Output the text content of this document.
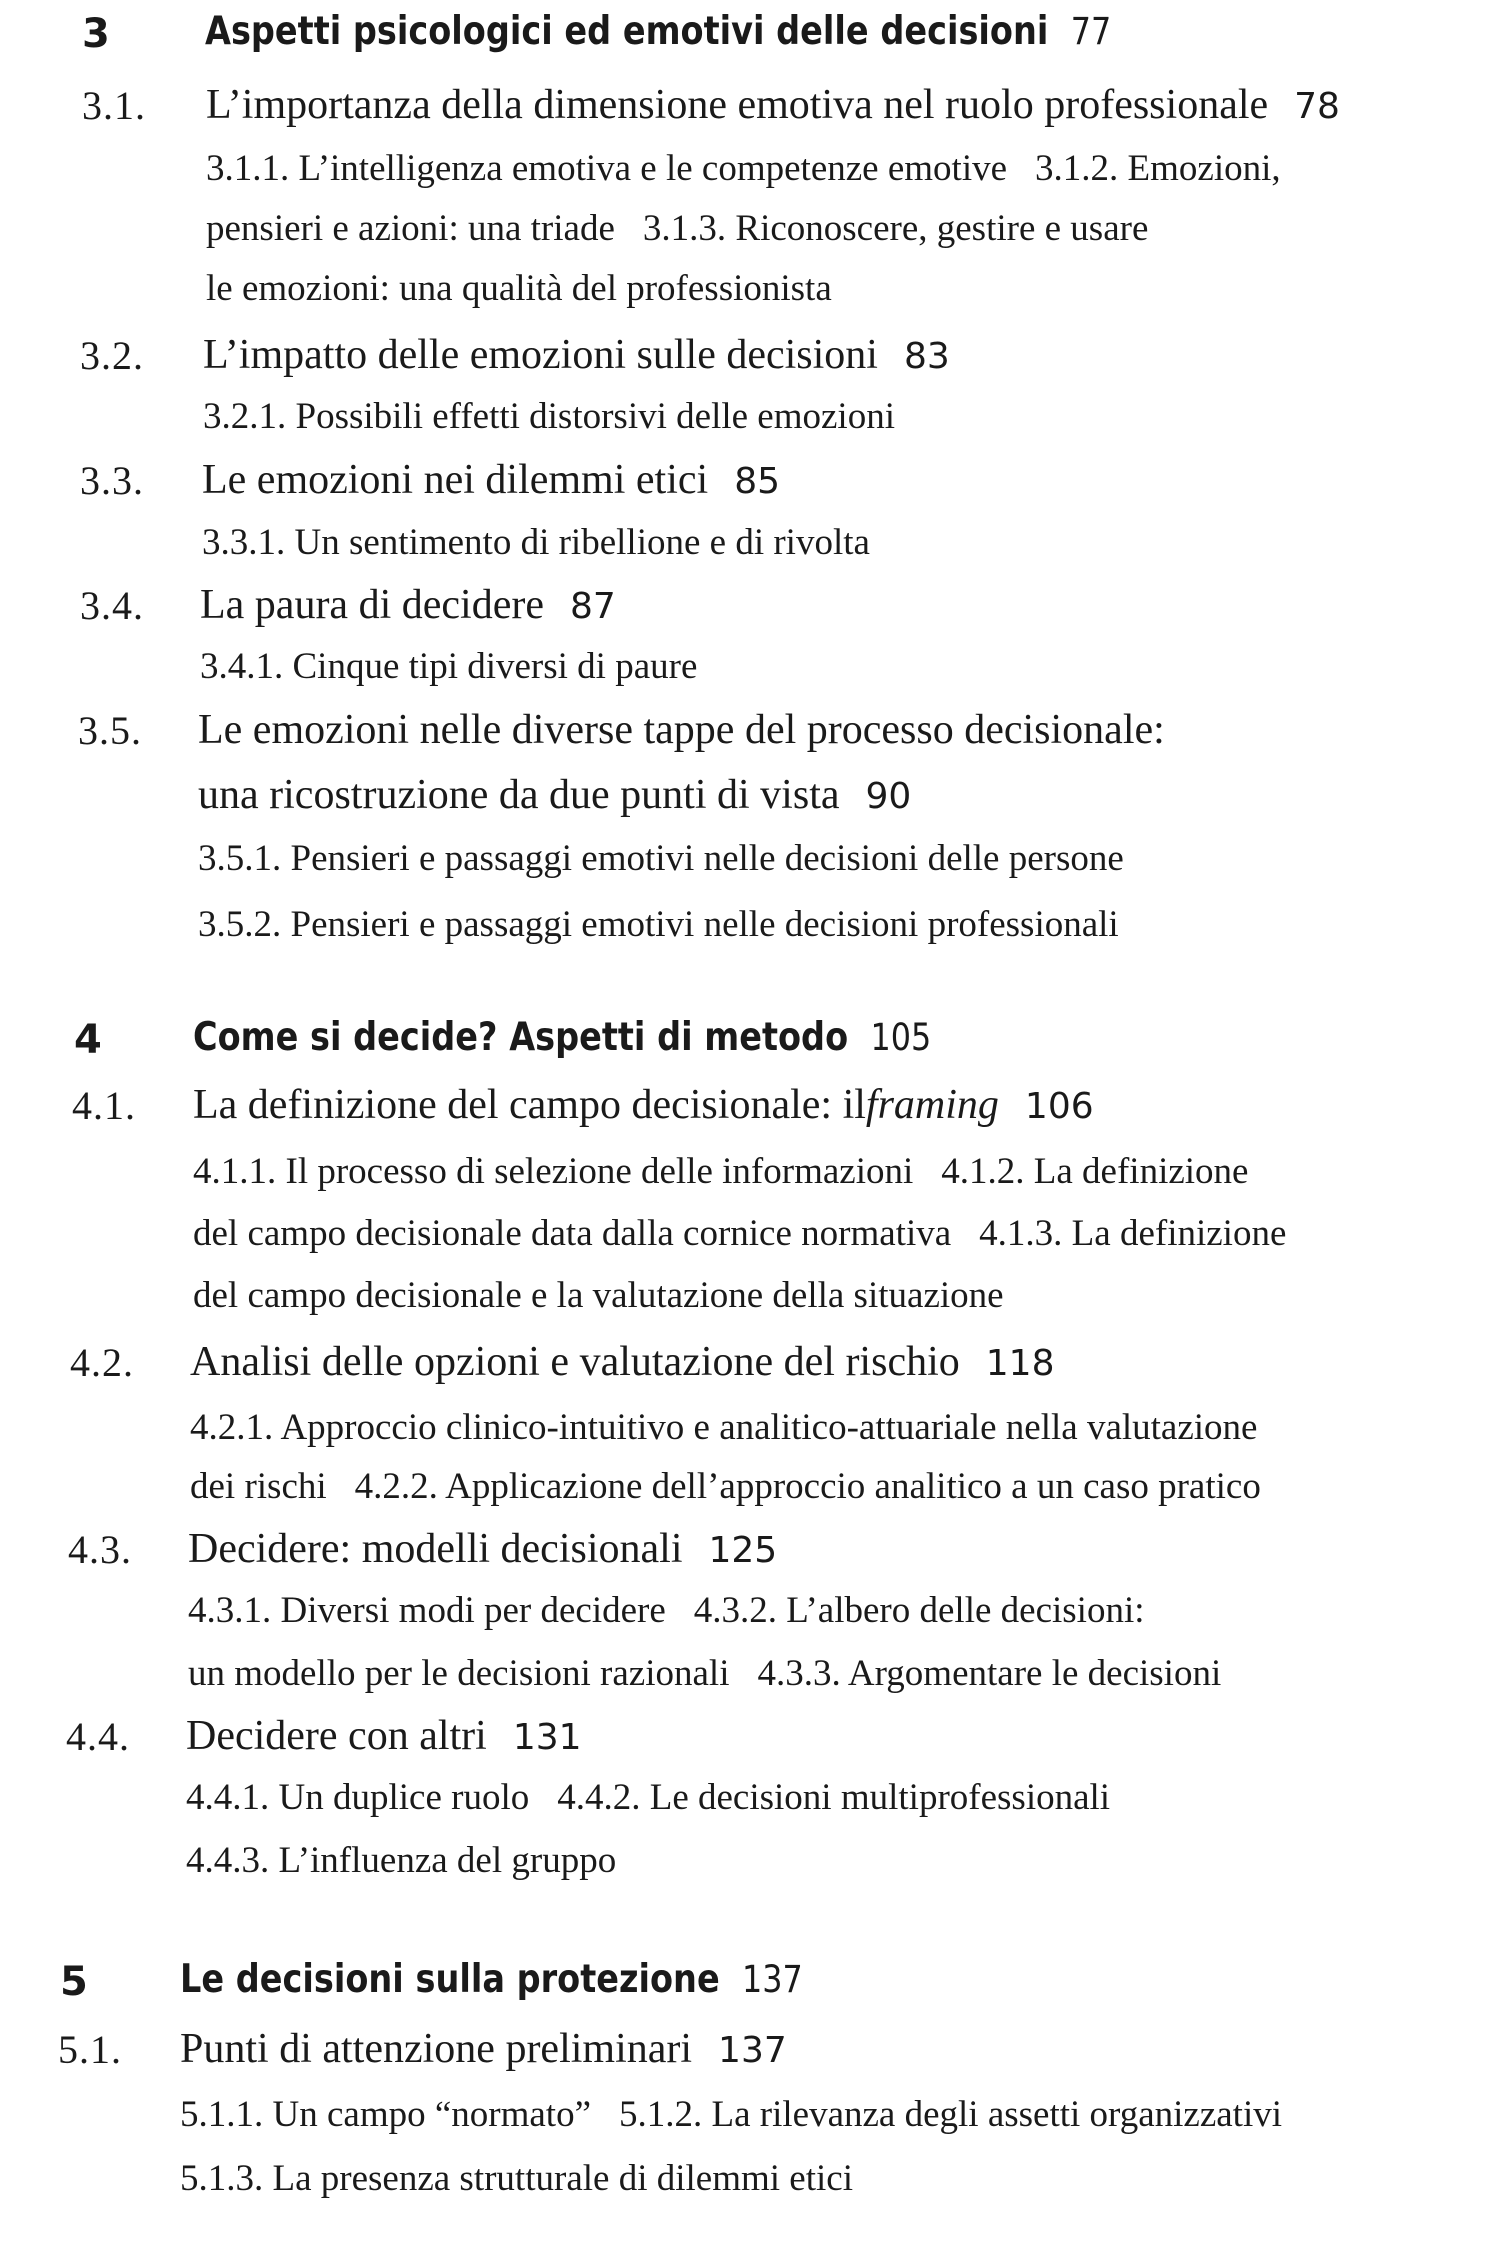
3 Aspetti psicologici ed emotivi delle decisioni 77
3.1. L’importanza della dimensione emotiva nel ruolo professionale 78
3.1.1. L’intelligenza emotiva e le competenze emotive 3.1.2. Emozioni,
pensieri e azioni: una triade 3.1.3. Riconoscere, gestire e usare
le emozioni: una qualità del professionista
3.2. L’impatto delle emozioni sulle decisioni 83
3.2.1. Possibili effetti distorsivi delle emozioni
3.3. Le emozioni nei dilemmi etici 85
3.3.1. Un sentimento di ribellione e di rivolta
3.4. La paura di decidere 87
3.4.1. Cinque tipi diversi di paure
3.5. Le emozioni nelle diverse tappe del processo decisionale:
una ricostruzione da due punti di vista 90
3.5.1. Pensieri e passaggi emotivi nelle decisioni delle persone
3.5.2. Pensieri e passaggi emotivi nelle decisioni professionali
4 Come si decide? Aspetti di metodo 105
4.1. La definizione del campo decisionale: ilframing 106
4.1.1. Il processo di selezione delle informazioni 4.1.2. La definizione
del campo decisionale data dalla cornice normativa 4.1.3. La definizione
del campo decisionale e la valutazione della situazione
4.2. Analisi delle opzioni e valutazione del rischio 118
4.2.1. Approccio clinico-intuitivo e analitico-attuariale nella valutazione
dei rischi 4.2.2. Applicazione dell’approccio analitico a un caso pratico
4.3. Decidere: modelli decisionali 125
4.3.1. Diversi modi per decidere 4.3.2. L’albero delle decisioni:
un modello per le decisioni razionali 4.3.3. Argomentare le decisioni
4.4. Decidere con altri 131
4.4.1. Un duplice ruolo 4.4.2. Le decisioni multiprofessionali
4.4.3. L’influenza del gruppo
5 Le decisioni sulla protezione 137
5.1. Punti di attenzione preliminari 137
5.1.1. Un campo “normato” 5.1.2. La rilevanza degli assetti organizzativi
5.1.3. La presenza strutturale di dilemmi etici
